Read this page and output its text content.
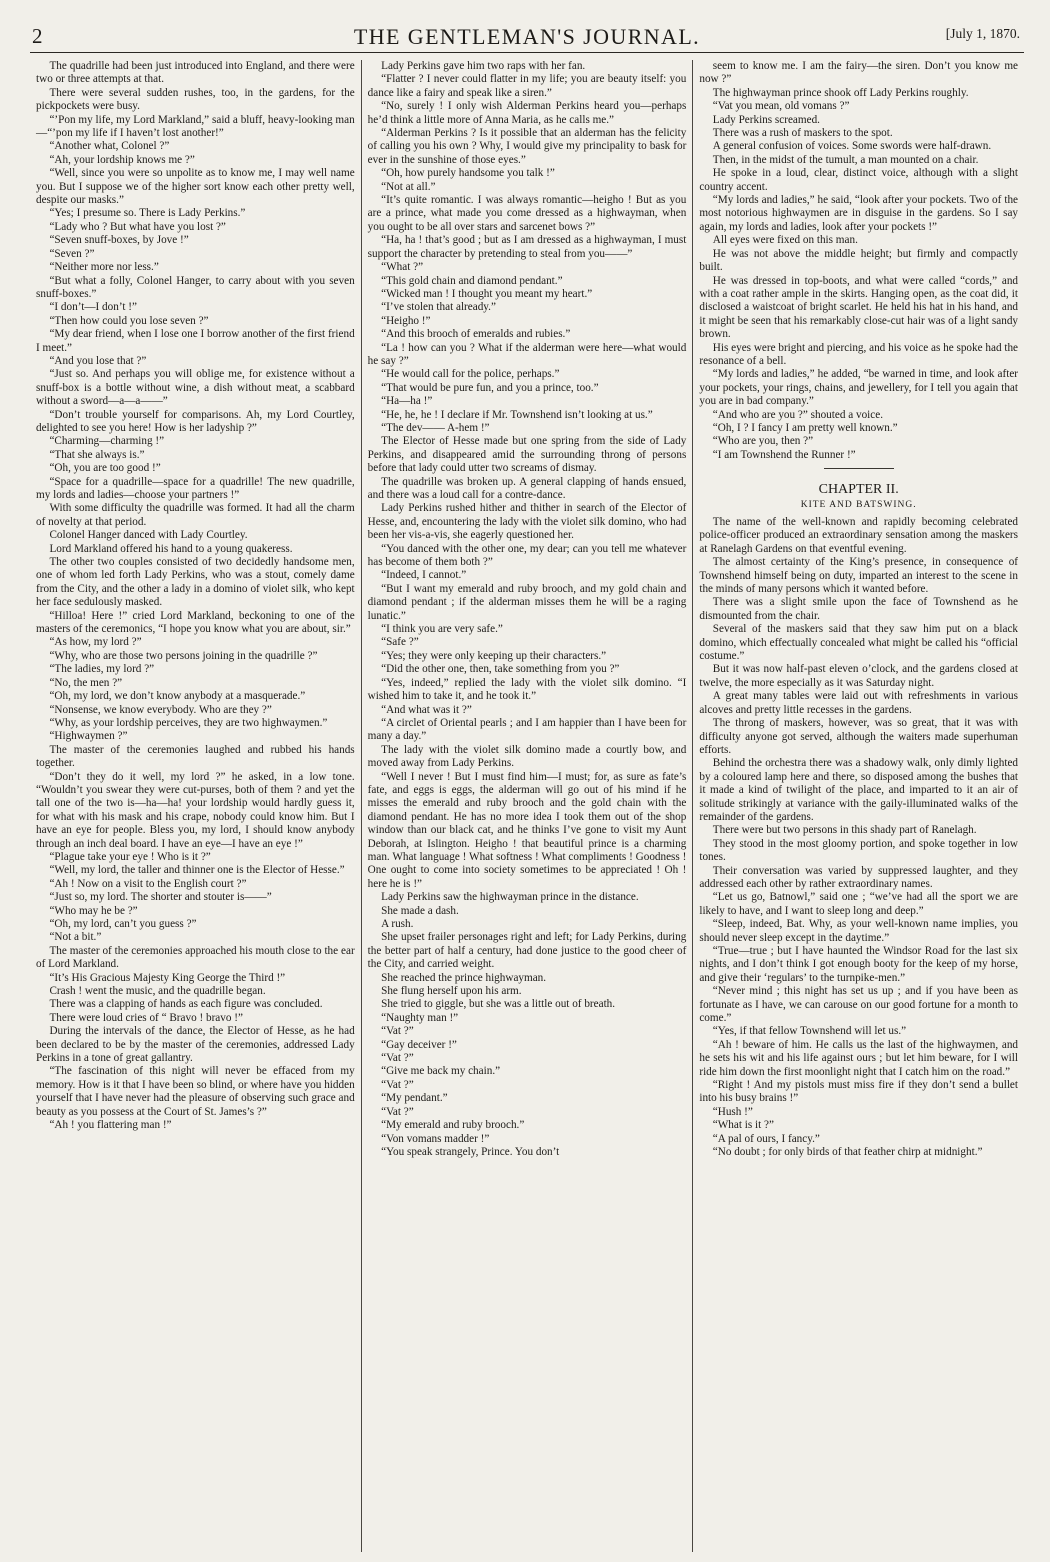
2	THE GENTLEMAN'S JOURNAL.	[July 1, 1870.

The quadrille had been just introduced into England, and there were two or three attempts at that.

There were several sudden rushes, too, in the gardens, for the pickpockets were busy.

“’Pon my life, my Lord Markland,” said a bluff, heavy-looking man—“’pon my life if I haven’t lost another!”

“Another what, Colonel ?”

“Ah, your lordship knows me ?”

“Well, since you were so unpolite as to know me, I may well name you. But I suppose we of the higher sort know each other pretty well, despite our masks.”

“Yes; I presume so. There is Lady Perkins.”

“Lady who ? But what have you lost ?”

“Seven snuff-boxes, by Jove !”

“Seven ?”

“Neither more nor less.”

“But what a folly, Colonel Hanger, to carry about with you seven snuff-boxes.”

“I don’t—I don’t !”

“Then how could you lose seven ?”

“My dear friend, when I lose one I borrow another of the first friend I meet.”

“And you lose that ?”

“Just so. And perhaps you will oblige me, for existence without a snuff-box is a bottle without wine, a dish without meat, a scabbard without a sword—a—a——”

“Don’t trouble yourself for comparisons. Ah, my Lord Courtley, delighted to see you here! How is her ladyship ?”

“Charming—charming !”

“That she always is.”

“Oh, you are too good !”

“Space for a quadrille—space for a quadrille! The new quadrille, my lords and ladies—choose your partners !”

With some difficulty the quadrille was formed. It had all the charm of novelty at that period.

Colonel Hanger danced with Lady Courtley.

Lord Markland offered his hand to a young quakeress.

The other two couples consisted of two decidedly handsome men, one of whom led forth Lady Perkins, who was a stout, comely dame from the City, and the other a lady in a domino of violet silk, who kept her face sedulously masked.

“Hilloa! Here !” cried Lord Markland, beckoning to one of the masters of the ceremonics, “I hope you know what you are about, sir.”

“As how, my lord ?”

“Why, who are those two persons joining in the quadrille ?”

“The ladies, my lord ?”

“No, the men ?”

“Oh, my lord, we don’t know anybody at a masquerade.”

“Nonsense, we know everybody. Who are they ?”

“Why, as your lordship perceives, they are two highwaymen.”

“Highwaymen ?”

The master of the ceremonies laughed and rubbed his hands together.

“Don’t they do it well, my lord ?” he asked, in a low tone. “Wouldn’t you swear they were cut-purses, both of them ? and yet the tall one of the two is—ha—ha! your lordship would hardly guess it, for what with his mask and his crape, nobody could know him. But I have an eye for people. Bless you, my lord, I should know anybody through an inch deal board. I have an eye—I have an eye !”

“Plague take your eye ! Who is it ?”

“Well, my lord, the taller and thinner one is the Elector of Hesse.”

“Ah ! Now on a visit to the English court ?”

“Just so, my lord. The shorter and stouter is——”

“Who may he be ?”

“Oh, my lord, can’t you guess ?”

“Not a bit.”

The master of the ceremonies approached his mouth close to the ear of Lord Markland.

“It’s His Gracious Majesty King George the Third !”

Crash ! went the music, and the quadrille began.

There was a clapping of hands as each figure was concluded.

There were loud cries of “ Bravo ! bravo !”

During the intervals of the dance, the Elector of Hesse, as he had been declared to be by the master of the ceremonies, addressed Lady Perkins in a tone of great gallantry.

“The fascination of this night will never be effaced from my memory. How is it that I have been so blind, or where have you hidden yourself that I have never had the pleasure of observing such grace and beauty as you possess at the Court of St. James’s ?”

“Ah ! you flattering man !”

Lady Perkins gave him two raps with her fan.

“Flatter ? I never could flatter in my life; you are beauty itself: you dance like a fairy and speak like a siren.”

“No, surely ! I only wish Alderman Perkins heard you—perhaps he’d think a little more of Anna Maria, as he calls me.”

“Alderman Perkins ? Is it possible that an alderman has the felicity of calling you his own ? Why, I would give my principality to bask for ever in the sunshine of those eyes.”

“Oh, how purely handsome you talk !”

“Not at all.”

“It’s quite romantic. I was always romantic—heigho ! But as you are a prince, what made you come dressed as a highwayman, when you ought to be all over stars and sarcenet bows ?”

“Ha, ha ! that’s good ; but as I am dressed as a highwayman, I must support the character by pretending to steal from you——”

“What ?”

“This gold chain and diamond pendant.”

“Wicked man ! I thought you meant my heart.”

“I’ve stolen that already.”

“Heigho !”

“And this brooch of emeralds and rubies.”

“La ! how can you ? What if the alderman were here—what would he say ?”

“He would call for the police, perhaps.”

“That would be pure fun, and you a prince, too.”

“Ha—ha !”

“He, he, he ! I declare if Mr. Townshend isn’t looking at us.”

“The dev—— A-hem !”

The Elector of Hesse made but one spring from the side of Lady Perkins, and disappeared amid the surrounding throng of persons before that lady could utter two screams of dismay.

The quadrille was broken up. A general clapping of hands ensued, and there was a loud call for a contre-dance.

Lady Perkins rushed hither and thither in search of the Elector of Hesse, and, encountering the lady with the violet silk domino, who had been her vis-a-vis, she eagerly questioned her.

“You danced with the other one, my dear; can you tell me whatever has become of them both ?”

“Indeed, I cannot.”

“But I want my emerald and ruby brooch, and my gold chain and diamond pendant ; if the alderman misses them he will be a raging lunatic.”

“I think you are very safe.”

“Safe ?”

“Yes; they were only keeping up their characters.”

“Did the other one, then, take something from you ?”

“Yes, indeed,” replied the lady with the violet silk domino. “I wished him to take it, and he took it.”

“And what was it ?”

“A circlet of Oriental pearls ; and I am happier than I have been for many a day.”

The lady with the violet silk domino made a courtly bow, and moved away from Lady Perkins.

“Well I never ! But I must find him—I must; for, as sure as fate’s fate, and eggs is eggs, the alderman will go out of his mind if he misses the emerald and ruby brooch and the gold chain with the diamond pendant. He has no more idea I took them out of the shop window than our black cat, and he thinks I’ve gone to visit my Aunt Deborah, at Islington. Heigho ! that beautiful prince is a charming man. What language ! What softness ! What compliments ! Goodness ! One ought to come into society sometimes to be appreciated ! Oh ! here he is !”

Lady Perkins saw the highwayman prince in the distance.

She made a dash.

A rush.

She upset frailer personages right and left; for Lady Perkins, during the better part of half a century, had done justice to the good cheer of the City, and carried weight.

She reached the prince highwayman.

She flung herself upon his arm.

She tried to giggle, but she was a little out of breath.

“Naughty man !”

“Vat ?”

“Gay deceiver !”

“Vat ?”

“Give me back my chain.”

“Vat ?”

“My pendant.”

“Vat ?”

“My emerald and ruby brooch.”

“Von vomans madder !”

“You speak strangely, Prince. You don’t

seem to know me. I am the fairy—the siren. Don’t you know me now ?”

The highwayman prince shook off Lady Perkins roughly.

“Vat you mean, old vomans ?”

Lady Perkins screamed.

There was a rush of maskers to the spot.

A general confusion of voices. Some swords were half-drawn.

Then, in the midst of the tumult, a man mounted on a chair.

He spoke in a loud, clear, distinct voice, although with a slight country accent.

“My lords and ladies,” he said, “look after your pockets. Two of the most notorious highwaymen are in disguise in the gardens. So I say again, my lords and ladies, look after your pockets !”

All eyes were fixed on this man.

He was not above the middle height; but firmly and compactly built.

He was dressed in top-boots, and what were called “cords,” and with a coat rather ample in the skirts. Hanging open, as the coat did, it disclosed a waistcoat of bright scarlet. He held his hat in his hand, and it might be seen that his remarkably close-cut hair was of a light sandy brown.

His eyes were bright and piercing, and his voice as he spoke had the resonance of a bell.

“My lords and ladies,” he added, “be warned in time, and look after your pockets, your rings, chains, and jewellery, for I tell you again that you are in bad company.”

“And who are you ?” shouted a voice.

“Oh, I ? I fancy I am pretty well known.”

“Who are you, then ?”

“I am Townshend the Runner !”

CHAPTER II.
KITE AND BATSWING.

The name of the well-known and rapidly becoming celebrated police-officer produced an extraordinary sensation among the maskers at Ranelagh Gardens on that eventful evening.

The almost certainty of the King’s presence, in consequence of Townshend himself being on duty, imparted an interest to the scene in the minds of many persons which it wanted before.

There was a slight smile upon the face of Townshend as he dismounted from the chair.

Several of the maskers said that they saw him put on a black domino, which effectually concealed what might be called his “official costume.”

But it was now half-past eleven o’clock, and the gardens closed at twelve, the more especially as it was Saturday night.

A great many tables were laid out with refreshments in various alcoves and pretty little recesses in the gardens.

The throng of maskers, however, was so great, that it was with difficulty anyone got served, although the waiters made superhuman efforts.

Behind the orchestra there was a shadowy walk, only dimly lighted by a coloured lamp here and there, so disposed among the bushes that it made a kind of twilight of the place, and imparted to it an air of solitude strikingly at variance with the gaily-illuminated walks of the remainder of the gardens.

There were but two persons in this shady part of Ranelagh.

They stood in the most gloomy portion, and spoke together in low tones.

Their conversation was varied by suppressed laughter, and they addressed each other by rather extraordinary names.

“Let us go, Batnowl,” said one ; “we’ve had all the sport we are likely to have, and I want to sleep long and deep.”

“Sleep, indeed, Bat. Why, as your well-known name implies, you should never sleep except in the daytime.”

“True—true ; but I have haunted the Windsor Road for the last six nights, and I don’t think I got enough booty for the keep of my horse, and give their ‘regulars’ to the turnpike-men.”

“Never mind ; this night has set us up ; and if you have been as fortunate as I have, we can carouse on our good fortune for a month to come.”

“Yes, if that fellow Townshend will let us.”

“Ah ! beware of him. He calls us the last of the highwaymen, and he sets his wit and his life against ours ; but let him beware, for I will ride him down the first moonlight night that I catch him on the road.”

“Right ! And my pistols must miss fire if they don’t send a bullet into his busy brains !”

“Hush !”

“What is it ?”

“A pal of ours, I fancy.”

“No doubt ; for only birds of that feather chirp at midnight.”
